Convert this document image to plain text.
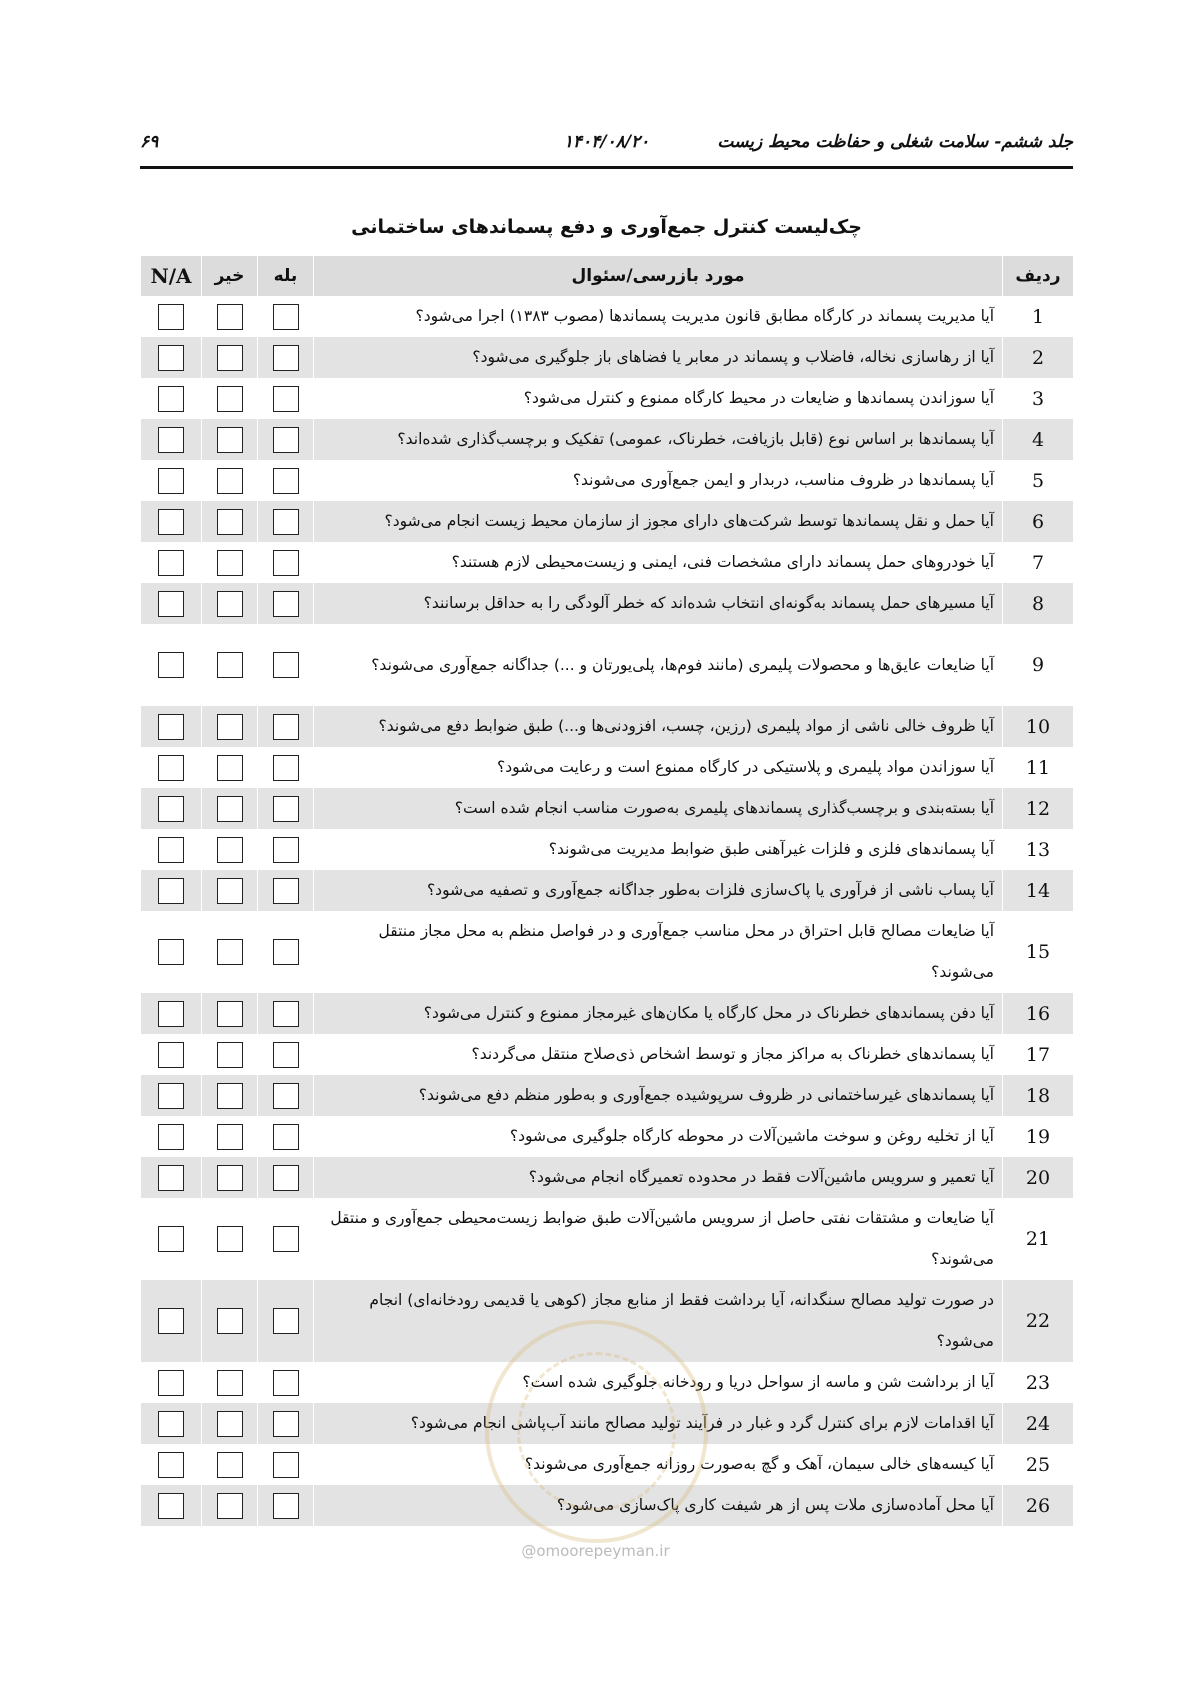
جلد ششم- سلامت شغلی و حفاظت محیط زیست
۱۴۰۴/۰۸/۲۰
۶۹
چک‌لیست کنترل جمع‌آوری و دفع پسماندهای ساختمانی
ردیف	مورد بازرسی/سئوال	بله	خیر	N/A
1	آیا مدیریت پسماند در کارگاه مطابق قانون مدیریت پسماندها (مصوب ۱۳۸۳) اجرا می‌شود؟			
2	آیا از رهاسازی نخاله، فاضلاب و پسماند در معابر یا فضاهای باز جلوگیری می‌شود؟			
3	آیا سوزاندن پسماندها و ضایعات در محیط کارگاه ممنوع و کنترل می‌شود؟			
4	آیا پسماندها بر اساس نوع (قابل بازیافت، خطرناک، عمومی) تفکیک و برچسب‌گذاری شده‌اند؟			
5	آیا پسماندها در ظروف مناسب، دربدار و ایمن جمع‌آوری می‌شوند؟			
6	آیا حمل و نقل پسماندها توسط شرکت‌های دارای مجوز از سازمان محیط زیست انجام می‌شود؟			
7	آیا خودروهای حمل پسماند دارای مشخصات فنی، ایمنی و زیست‌محیطی لازم هستند؟			
8	آیا مسیرهای حمل پسماند به‌گونه‌ای انتخاب شده‌اند که خطر آلودگی را به حداقل برسانند؟			
9	آیا ضایعات عایق‌ها و محصولات پلیمری (مانند فوم‌ها، پلی‌یورتان و ...) جداگانه جمع‌آوری می‌شوند؟			
10	آیا ظروف خالی ناشی از مواد پلیمری (رزین، چسب، افزودنی‌ها و...) طبق ضوابط دفع می‌شوند؟			
11	آیا سوزاندن مواد پلیمری و پلاستیکی در کارگاه ممنوع است و رعایت می‌شود؟			
12	آیا بسته‌بندی و برچسب‌گذاری پسماندهای پلیمری به‌صورت مناسب انجام شده است؟			
13	آیا پسماندهای فلزی و فلزات غیرآهنی طبق ضوابط مدیریت می‌شوند؟			
14	آیا پساب ناشی از فرآوری یا پاک‌سازی فلزات به‌طور جداگانه جمع‌آوری و تصفیه می‌شود؟			
15	آیا ضایعات مصالح قابل احتراق در محل مناسب جمع‌آوری و در فواصل منظم به محل مجاز منتقل می‌شوند؟			
16	آیا دفن پسماندهای خطرناک در محل کارگاه یا مکان‌های غیرمجاز ممنوع و کنترل می‌شود؟			
17	آیا پسماندهای خطرناک به مراکز مجاز و توسط اشخاص ذی‌صلاح منتقل می‌گردند؟			
18	آیا پسماندهای غیرساختمانی در ظروف سرپوشیده جمع‌آوری و به‌طور منظم دفع می‌شوند؟			
19	آیا از تخلیه روغن و سوخت ماشین‌آلات در محوطه کارگاه جلوگیری می‌شود؟			
20	آیا تعمیر و سرویس ماشین‌آلات فقط در محدوده تعمیرگاه انجام می‌شود؟			
21	آیا ضایعات و مشتقات نفتی حاصل از سرویس ماشین‌آلات طبق ضوابط زیست‌محیطی جمع‌آوری و منتقل می‌شوند؟			
22	در صورت تولید مصالح سنگدانه، آیا برداشت فقط از منابع مجاز (کوهی یا قدیمی رودخانه‌ای) انجام می‌شود؟			
23	آیا از برداشت شن و ماسه از سواحل دریا و رودخانه جلوگیری شده است؟			
24	آیا اقدامات لازم برای کنترل گرد و غبار در فرآیند تولید مصالح مانند آب‌پاشی انجام می‌شود؟			
25	آیا کیسه‌های خالی سیمان، آهک و گچ به‌صورت روزانه جمع‌آوری می‌شوند؟			
26	آیا محل آماده‌سازی ملات پس از هر شیفت کاری پاک‌سازی می‌شود؟			
@omoorepeyman.ir
